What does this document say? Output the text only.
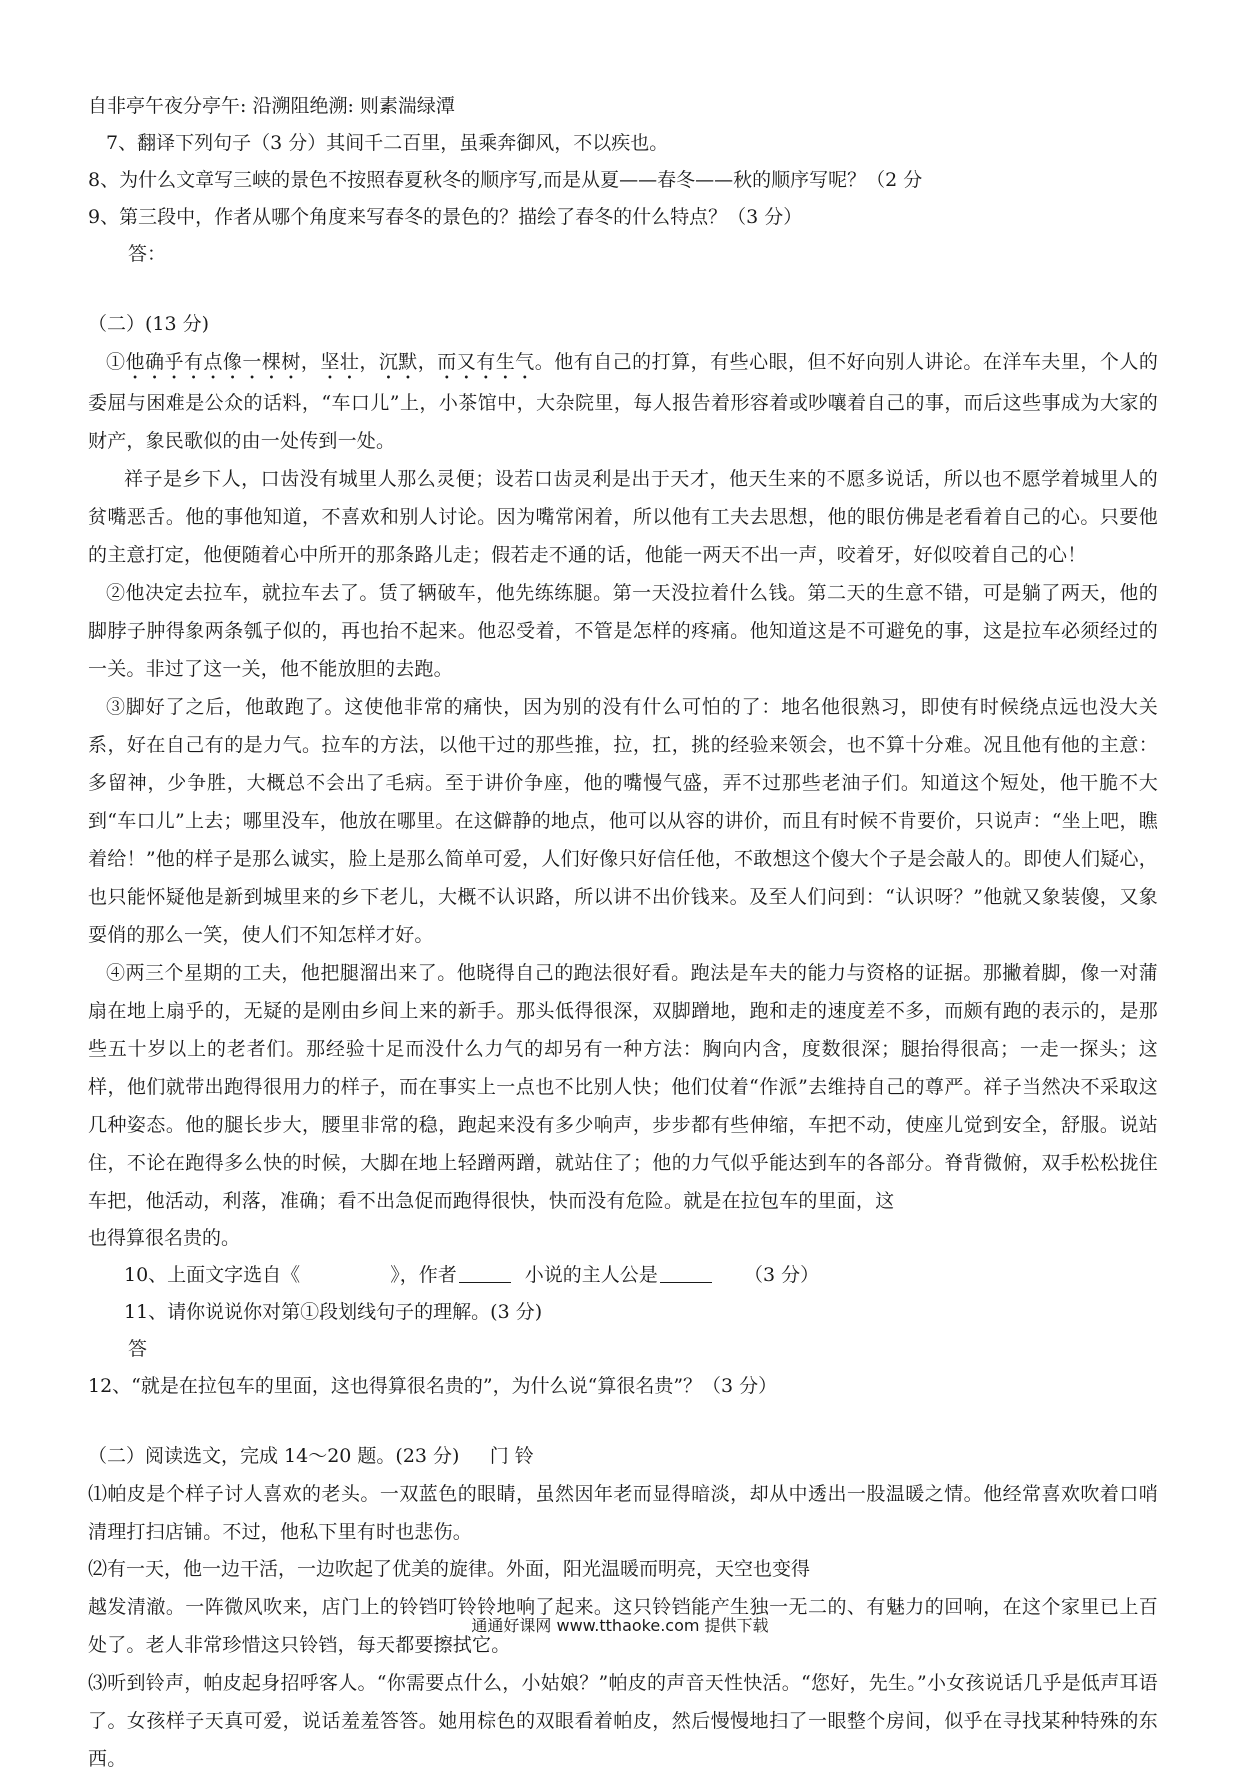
自非亭午夜分亭午: 沿溯阻绝溯: 则素湍绿潭
7、翻译下列句子（3 分）其间千二百里，虽乘奔御风，不以疾也。
8、为什么文章写三峡的景色不按照春夏秋冬的顺序写,而是从夏——春冬——秋的顺序写呢？（2 分
9、第三段中，作者从哪个角度来写春冬的景色的？描绘了春冬的什么特点？（3 分）
答：
（二）(13 分)
①他确乎有点像一棵树，坚壮，沉默，而又有生气。他有自己的打算，有些心眼，但不好向别人讲论。在洋车夫里，个人的委屈与困难是公众的话料，“车口儿”上，小茶馆中，大杂院里，每人报告着形容着或吵嚷着自己的事，而后这些事成为大家的财产，象民歌似的由一处传到一处。
祥子是乡下人，口齿没有城里人那么灵便；设若口齿灵利是出于天才，他天生来的不愿多说话，所以也不愿学着城里人的贫嘴恶舌。他的事他知道，不喜欢和别人讨论。因为嘴常闲着，所以他有工夫去思想，他的眼仿佛是老看着自己的心。只要他的主意打定，他便随着心中所开的那条路儿走；假若走不通的话，他能一两天不出一声，咬着牙，好似咬着自己的心！
②他决定去拉车，就拉车去了。赁了辆破车，他先练练腿。第一天没拉着什么钱。第二天的生意不错，可是躺了两天，他的脚脖子肿得象两条瓠子似的，再也抬不起来。他忍受着，不管是怎样的疼痛。他知道这是不可避免的事，这是拉车必须经过的一关。非过了这一关，他不能放胆的去跑。
③脚好了之后，他敢跑了。这使他非常的痛快，因为别的没有什么可怕的了：地名他很熟习，即使有时候绕点远也没大关系，好在自己有的是力气。拉车的方法，以他干过的那些推，拉，扛，挑的经验来领会，也不算十分难。况且他有他的主意：多留神，少争胜，大概总不会出了毛病。至于讲价争座，他的嘴慢气盛，弄不过那些老油子们。知道这个短处，他干脆不大到“车口儿”上去；哪里没车，他放在哪里。在这僻静的地点，他可以从容的讲价，而且有时候不肯要价，只说声：“坐上吧，瞧着给！”他的样子是那么诚实，脸上是那么简单可爱，人们好像只好信任他，不敢想这个傻大个子是会敲人的。即使人们疑心，也只能怀疑他是新到城里来的乡下老儿，大概不认识路，所以讲不出价钱来。及至人们问到：“认识呀？”他就又象装傻，又象耍俏的那么一笑，使人们不知怎样才好。
④两三个星期的工夫，他把腿溜出来了。他晓得自己的跑法很好看。跑法是车夫的能力与资格的证据。那撇着脚，像一对蒲扇在地上扇乎的，无疑的是刚由乡间上来的新手。那头低得很深，双脚蹭地，跑和走的速度差不多，而颇有跑的表示的，是那些五十岁以上的老者们。那经验十足而没什么力气的却另有一种方法：胸向内含，度数很深；腿抬得很高；一走一探头；这样，他们就带出跑得很用力的样子，而在事实上一点也不比别人快；他们仗着“作派”去维持自己的尊严。祥子当然决不采取这几种姿态。他的腿长步大，腰里非常的稳，跑起来没有多少响声，步步都有些伸缩，车把不动，使座儿觉到安全，舒服。说站住，不论在跑得多么快的时候，大脚在地上轻蹭两蹭，就站住了；他的力气似乎能达到车的各部分。脊背微俯，双手松松拢住车把，他活动，利落，准确；看不出急促而跑得很快，快而没有危险。就是在拉包车的里面，这
也得算很名贵的。
10、上面文字选自《	》，作者	小说的主人公是	（3 分）
11、请你说说你对第①段划线句子的理解。(3 分)
答
12、“就是在拉包车的里面，这也得算很名贵的”，为什么说“算很名贵”？（3 分）
（二）阅读选文，完成 14～20 题。(23 分) 门 铃
⑴帕皮是个样子讨人喜欢的老头。一双蓝色的眼睛，虽然因年老而显得暗淡，却从中透出一股温暖之情。他经常喜欢吹着口哨清理打扫店铺。不过，他私下里有时也悲伤。
⑵有一天，他一边干活，一边吹起了优美的旋律。外面，阳光温暖而明亮，天空也变得
越发清澈。一阵微风吹来，店门上的铃铛叮铃铃地响了起来。这只铃铛能产生独一无二的、有魅力的回响，在这个家里已上百处了。老人非常珍惜这只铃铛，每天都要擦拭它。
⑶听到铃声，帕皮起身招呼客人。“你需要点什么，小姑娘？”帕皮的声音天性快活。“您好，先生。”小女孩说话几乎是低声耳语了。女孩样子天真可爱，说话羞羞答答。她用棕色的双眼看着帕皮，然后慢慢地扫了一眼整个房间，似乎在寻找某种特殊的东西。
通通好课网 www.tthaoke.com 提供下载
